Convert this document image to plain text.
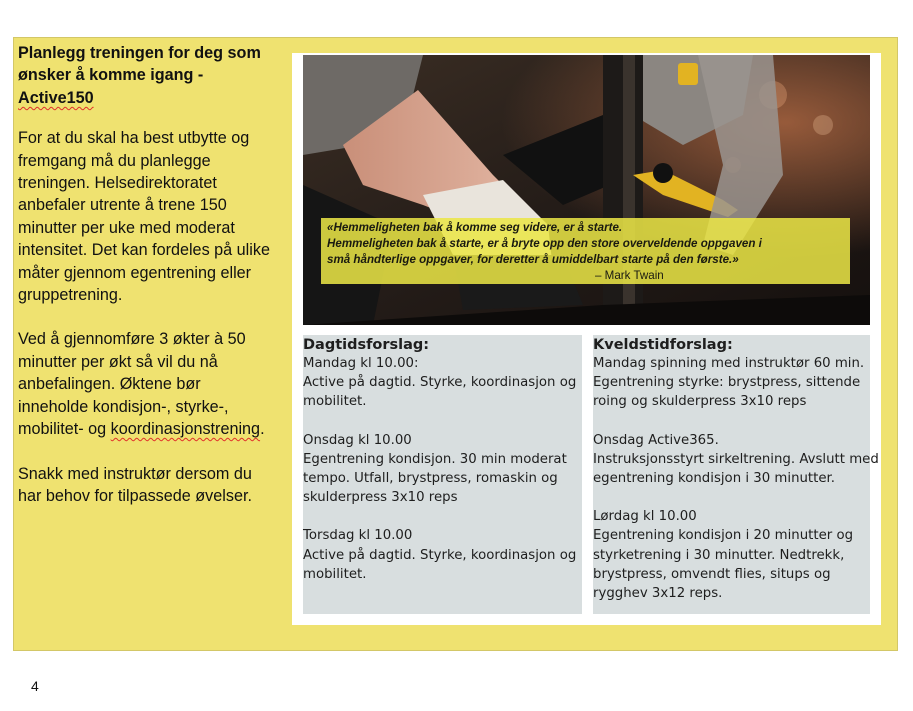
Planlegg treningen for deg som
ønsker å komme igang -
Active150

For at du skal ha best utbytte og
fremgang må du planlegge
treningen. Helsedirektoratet
anbefaler utrente å trene 150
minutter per uke med moderat
intensitet. Det kan fordeles på ulike
måter gjennom egentrening eller
gruppetrening.

Ved å gjennomføre 3 økter à 50
minutter per økt så vil du nå
anbefalingen. Øktene bør
inneholde kondisjon-, styrke-,
mobilitet- og koordinasjonstrening.

Snakk med instruktør dersom du
har behov for tilpassede øvelser.

«Hemmeligheten bak å komme seg videre, er å starte.
Hemmeligheten bak å starte, er å bryte opp den store overveldende oppgaven i
små håndterlige oppgaver, for deretter å umiddelbart starte på den første.»
– Mark Twain
Dagtidsforslag:
Mandag kl 10.00:
Active på dagtid. Styrke, koordinasjon og
mobilitet.
Onsdag kl 10.00
Egentrening kondisjon. 30 min moderat
tempo. Utfall, brystpress, romaskin og
skulderpress 3x10 reps
Torsdag kl 10.00
Active på dagtid. Styrke, koordinasjon og
mobilitet.
Kveldstidforslag:
Mandag spinning med instruktør 60 min.
Egentrening styrke: brystpress, sittende
roing og skulderpress 3x10 reps
Onsdag Active365.
Instruksjonsstyrt sirkeltrening. Avslutt med
egentrening kondisjon i 30 minutter.
Lørdag kl 10.00
Egentrening kondisjon i 20 minutter og
styrketrening i 30 minutter. Nedtrekk,
brystpress, omvendt flies, situps og
rygghev 3x12 reps.
4
